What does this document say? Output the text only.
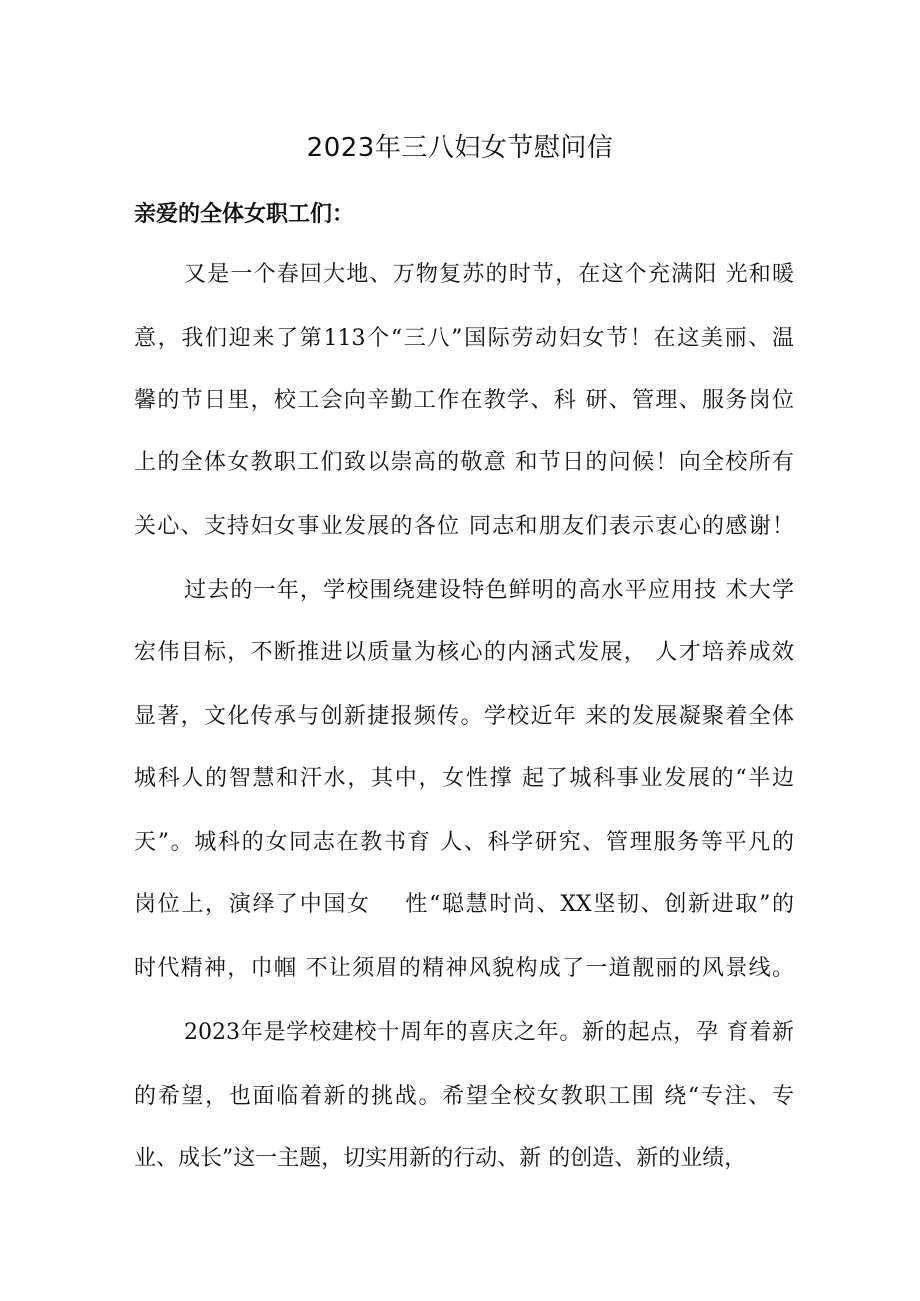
2023年三八妇女节慰问信
亲爱的全体女职工们：
又是一个春回大地、万物复苏的时节，在这个充满阳 光和暖
意，我们迎来了第113个“三八”国际劳动妇女节！在这美丽、温
馨的节日里，校工会向辛勤工作在教学、科 研、管理、服务岗位
上的全体女教职工们致以崇高的敬意 和节日的问候！向全校所有
关心、支持妇女事业发展的各位 同志和朋友们表示衷心的感谢！
过去的一年，学校围绕建设特色鲜明的高水平应用技 术大学
宏伟目标，不断推进以质量为核心的内涵式发展， 人才培养成效
显著，文化传承与创新捷报频传。学校近年 来的发展凝聚着全体
城科人的智慧和汗水，其中，女性撑 起了城科事业发展的“半边
天”。城科的女同志在教书育 人、科学研究、管理服务等平凡的
岗位上，演绎了中国女    性“聪慧时尚、XX坚韧、创新进取”的
时代精神，巾帼 不让须眉的精神风貌构成了一道靓丽的风景线。
2023年是学校建校十周年的喜庆之年。新的起点，孕 育着新
的希望，也面临着新的挑战。希望全校女教职工围 绕“专注、专
业、成长”这一主题，切实用新的行动、新 的创造、新的业绩，
